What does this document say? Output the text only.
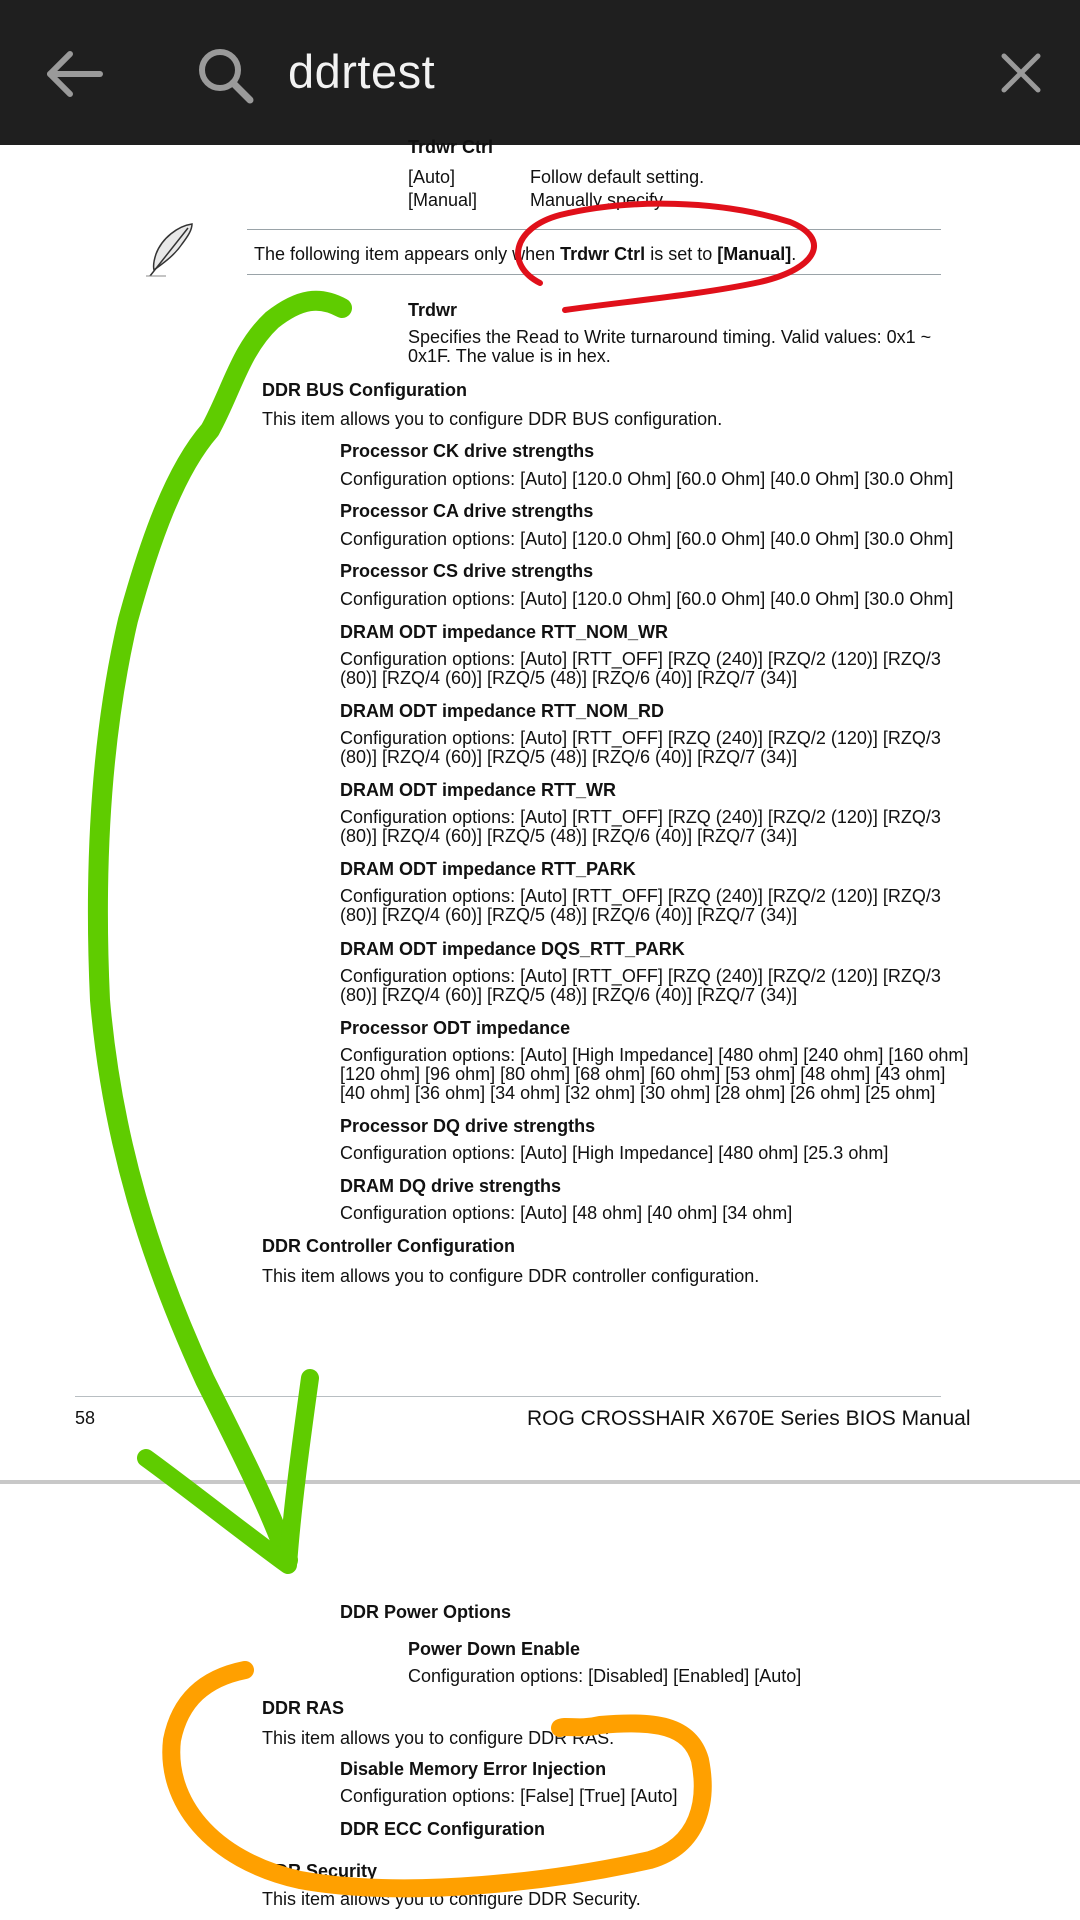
ddrtest
Trdwr Ctrl
[Auto]	Follow default setting.
[Manual]	Manually specify.
The following item appears only when Trdwr Ctrl is set to [Manual].
Trdwr
Specifies the Read to Write turnaround timing. Valid values: 0x1 ~
0x1F. The value is in hex.
DDR BUS Configuration
This item allows you to configure DDR BUS configuration.
Processor CK drive strengths
Configuration options: [Auto] [120.0 Ohm] [60.0 Ohm] [40.0 Ohm] [30.0 Ohm]
Processor CA drive strengths
Configuration options: [Auto] [120.0 Ohm] [60.0 Ohm] [40.0 Ohm] [30.0 Ohm]
Processor CS drive strengths
Configuration options: [Auto] [120.0 Ohm] [60.0 Ohm] [40.0 Ohm] [30.0 Ohm]
DRAM ODT impedance RTT_NOM_WR
Configuration options: [Auto] [RTT_OFF] [RZQ (240)] [RZQ/2 (120)] [RZQ/3
(80)] [RZQ/4 (60)] [RZQ/5 (48)] [RZQ/6 (40)] [RZQ/7 (34)]
DRAM ODT impedance RTT_NOM_RD
Configuration options: [Auto] [RTT_OFF] [RZQ (240)] [RZQ/2 (120)] [RZQ/3
(80)] [RZQ/4 (60)] [RZQ/5 (48)] [RZQ/6 (40)] [RZQ/7 (34)]
DRAM ODT impedance RTT_WR
Configuration options: [Auto] [RTT_OFF] [RZQ (240)] [RZQ/2 (120)] [RZQ/3
(80)] [RZQ/4 (60)] [RZQ/5 (48)] [RZQ/6 (40)] [RZQ/7 (34)]
DRAM ODT impedance RTT_PARK
Configuration options: [Auto] [RTT_OFF] [RZQ (240)] [RZQ/2 (120)] [RZQ/3
(80)] [RZQ/4 (60)] [RZQ/5 (48)] [RZQ/6 (40)] [RZQ/7 (34)]
DRAM ODT impedance DQS_RTT_PARK
Configuration options: [Auto] [RTT_OFF] [RZQ (240)] [RZQ/2 (120)] [RZQ/3
(80)] [RZQ/4 (60)] [RZQ/5 (48)] [RZQ/6 (40)] [RZQ/7 (34)]
Processor ODT impedance
Configuration options: [Auto] [High Impedance] [480 ohm] [240 ohm] [160 ohm]
[120 ohm] [96 ohm] [80 ohm] [68 ohm] [60 ohm] [53 ohm] [48 ohm] [43 ohm]
[40 ohm] [36 ohm] [34 ohm] [32 ohm] [30 ohm] [28 ohm] [26 ohm] [25 ohm]
Processor DQ drive strengths
Configuration options: [Auto] [High Impedance] [480 ohm] [25.3 ohm]
DRAM DQ drive strengths
Configuration options: [Auto] [48 ohm] [40 ohm] [34 ohm]
DDR Controller Configuration
This item allows you to configure DDR controller configuration.
58	ROG CROSSHAIR X670E Series BIOS Manual
DDR Power Options
Power Down Enable
Configuration options: [Disabled] [Enabled] [Auto]
DDR RAS
This item allows you to configure DDR RAS.
Disable Memory Error Injection
Configuration options: [False] [True] [Auto]
DDR ECC Configuration
DDR Security
This item allows you to configure DDR Security.
